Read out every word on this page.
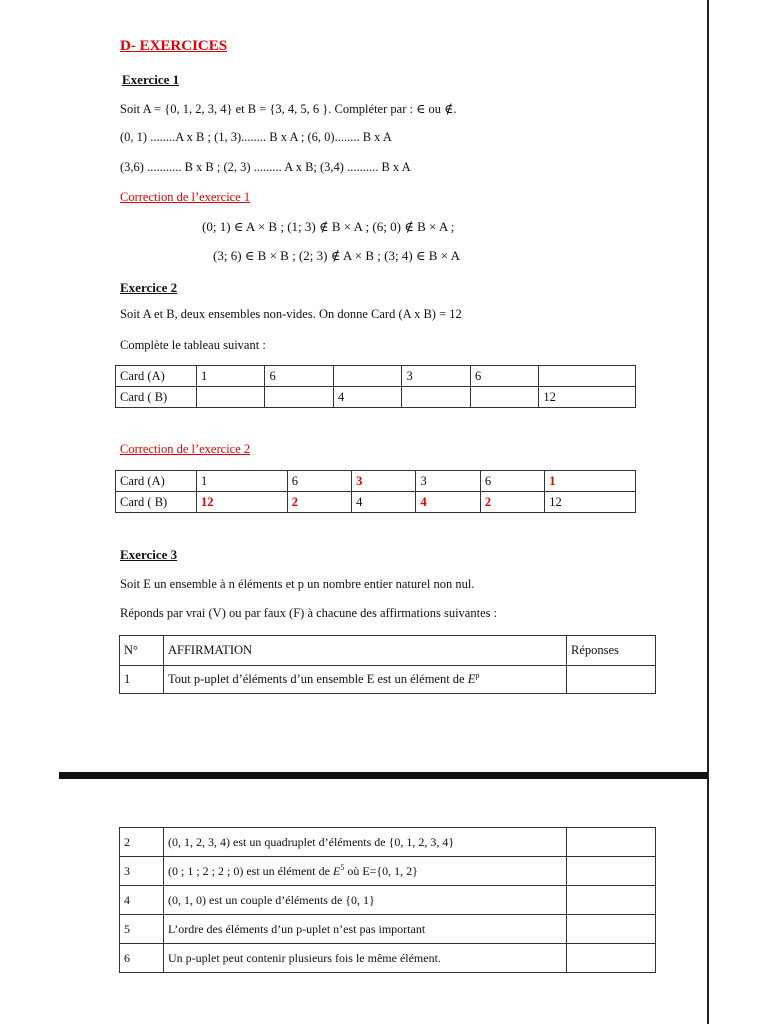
D- EXERCICES
Exercice 1
Soit A = {0, 1, 2, 3, 4} et B = {3, 4, 5, 6 }. Compléter par : ∈ ou ∉.
(0, 1) ........A x B ; (1, 3)........ B x A ; (6, 0)........ B x A
(3,6) ........... B x B ; (2, 3) ......... A x B; (3,4) .......... B x A
Correction de l’exercice 1
(0; 1) ∈ A × B ; (1; 3) ∉ B × A ; (6; 0) ∉ B × A ;
(3; 6) ∈ B × B ; (2; 3) ∉ A × B ; (3; 4) ∈ B × A
Exercice 2
Soit A et B, deux ensembles non-vides. On donne Card (A x B) = 12
Complète le tableau suivant :
Card (A)	1	6		3	6	
Card ( B)			4			12
Correction de l’exercice 2
Card (A)	1	6	3	3	6	1
Card ( B)	12	2	4	4	2	12
Exercice 3
Soit E un ensemble à n éléments et p un nombre entier naturel non nul.
Réponds par vrai (V) ou par faux (F) à chacune des affirmations suivantes :
N°	AFFIRMATION	Réponses
1	Tout p-uplet d’éléments d’un ensemble E est un élément de $E^p$	
2	(0, 1, 2, 3, 4) est un quadruplet d’éléments de {0, 1, 2, 3, 4}	
3	(0 ; 1 ; 2 ; 2 ; 0) est un élément de $E^5$ où E={0, 1, 2}	
4	(0, 1, 0) est un couple d’éléments de {0, 1}	
5	L’ordre des éléments d’un p-uplet n’est pas important	
6	Un p-uplet peut contenir plusieurs fois le même élément.	
